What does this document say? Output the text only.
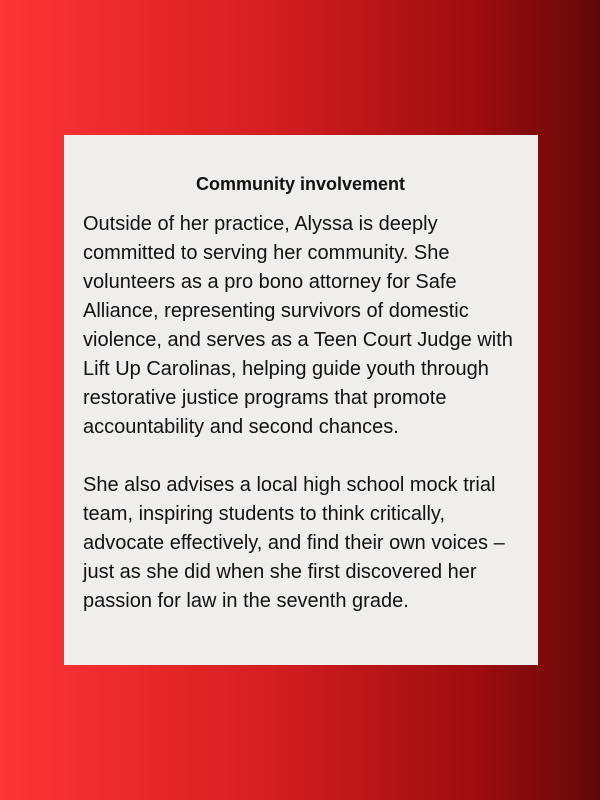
Community involvement

Outside of her practice, Alyssa is deeply committed to serving her community. She volunteers as a pro bono attorney for Safe Alliance, representing survivors of domestic violence, and serves as a Teen Court Judge with Lift Up Carolinas, helping guide youth through restorative justice programs that promote accountability and second chances.

She also advises a local high school mock trial team, inspiring students to think critically, advocate effectively, and find their own voices – just as she did when she first discovered her passion for law in the seventh grade.
